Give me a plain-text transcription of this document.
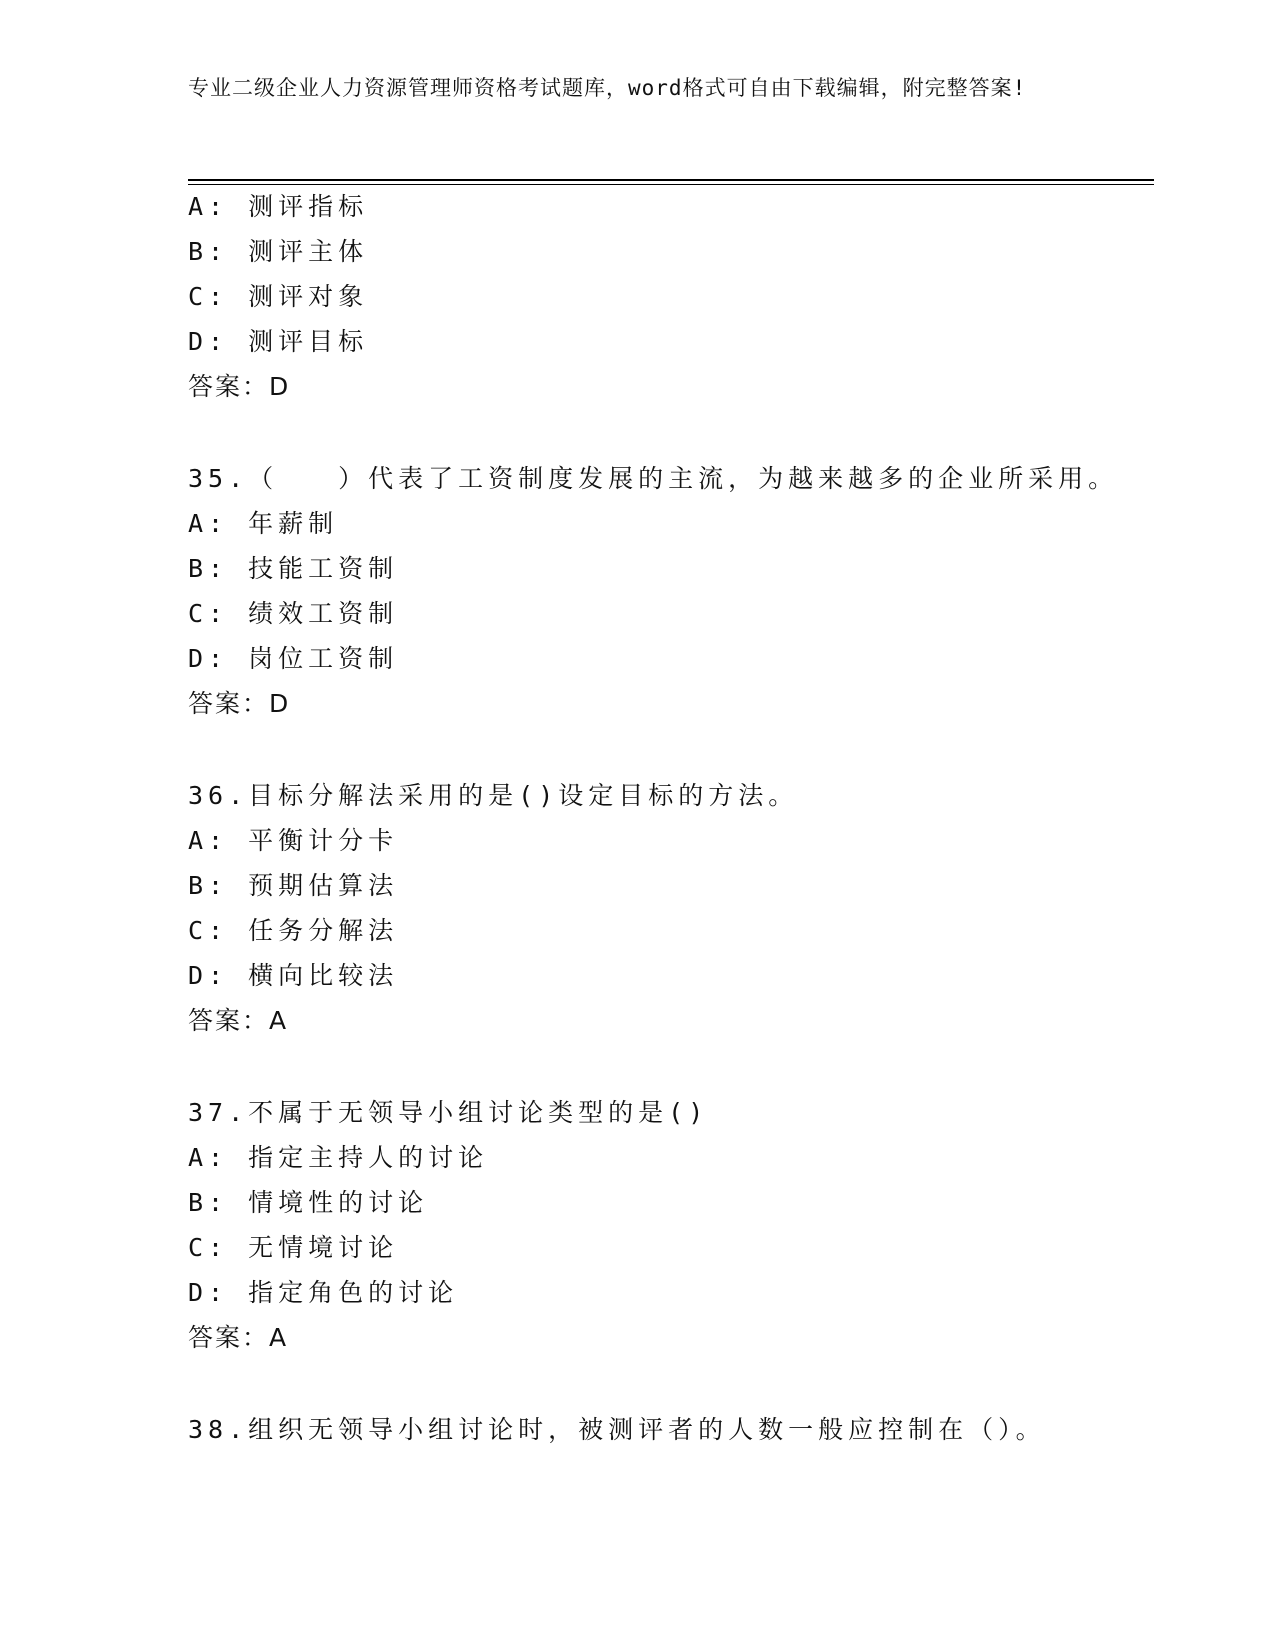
专业二级企业人力资源管理师资格考试题库，word格式可自由下载编辑，附完整答案!
A: 测评指标
B: 测评主体
C: 测评对象
D: 测评目标
答案：D
35.（　　）代表了工资制度发展的主流，为越来越多的企业所采用。
A: 年薪制
B: 技能工资制
C: 绩效工资制
D: 岗位工资制
答案：D
36.目标分解法采用的是()设定目标的方法。
A: 平衡计分卡
B: 预期估算法
C: 任务分解法
D: 横向比较法
答案：A
37.不属于无领导小组讨论类型的是()
A: 指定主持人的讨论
B: 情境性的讨论
C: 无情境讨论
D: 指定角色的讨论
答案：A
38.组织无领导小组讨论时，被测评者的人数一般应控制在（）。
